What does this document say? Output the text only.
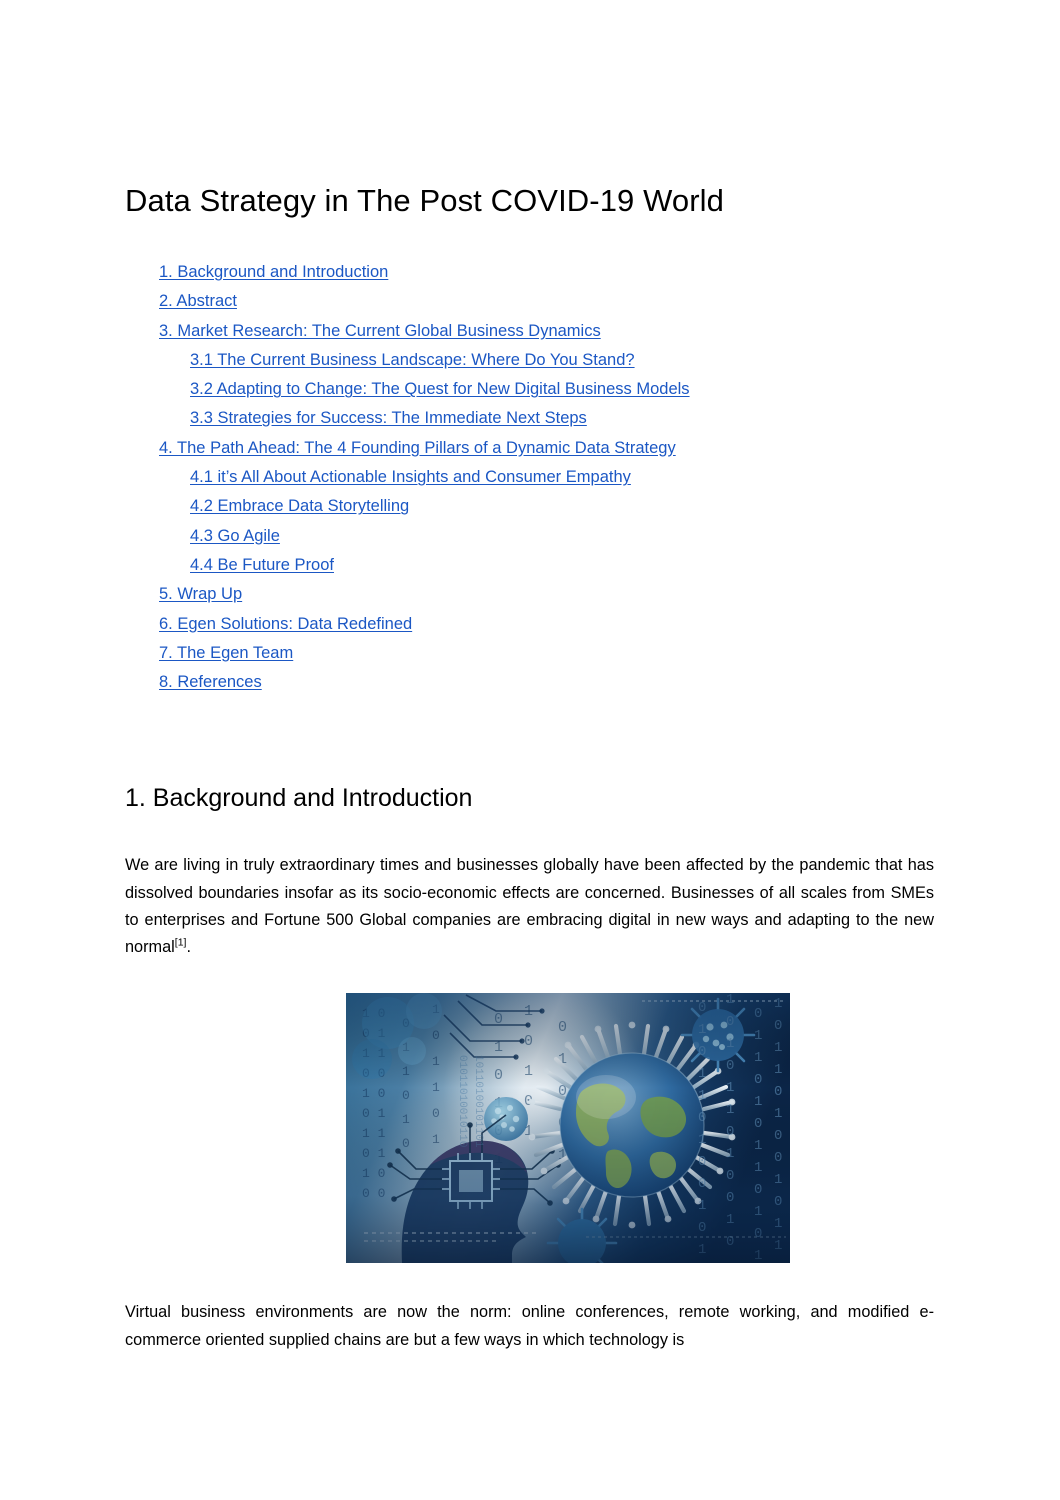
Data Strategy in The Post COVID-19 World
1. Background and Introduction
2. Abstract
3. Market Research: The Current Global Business Dynamics
3.1 The Current Business Landscape: Where Do You Stand?
3.2 Adapting to Change: The Quest for New Digital Business Models
3.3 Strategies for Success: The Immediate Next Steps
4. The Path Ahead: The 4 Founding Pillars of a Dynamic Data Strategy
4.1 it’s All About Actionable Insights and Consumer Empathy
4.2 Embrace Data Storytelling
4.3 Go Agile
4.4 Be Future Proof
5. Wrap Up
6. Egen Solutions: Data Redefined
7. The Egen Team
8. References
1. Background and Introduction

We are living in truly extraordinary times and businesses globally have been affected by the pandemic that has dissolved boundaries insofar as its socio-economic effects are concerned. Businesses of all scales from SMEs to enterprises and Fortune 500 Global companies are embracing digital in new ways and adapting to the new normal[1].

Virtual business environments are now the norm: online conferences, remote working, and modified e-commerce oriented supplied chains are but a few ways in which technology is
